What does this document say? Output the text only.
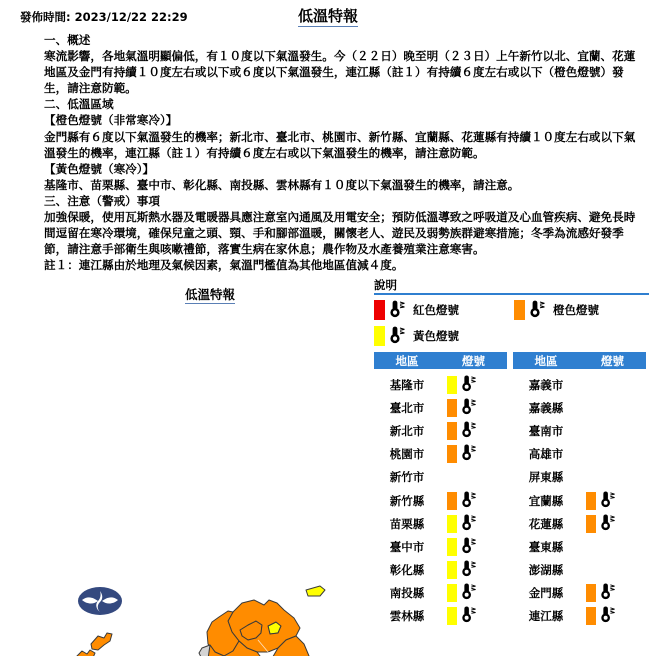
發佈時間: 2023/12/22 22:29	低溫特報

一、概述

寒流影響，各地氣溫明顯偏低，有１０度以下氣溫發生。今（２２日）晚至明（２３日）上午新竹以北、宜蘭、花蓮地區及金門有持續１０度左右或以下或６度以下氣溫發生，連江縣（註１）有持續６度左右或以下（橙色燈號）發生，請注意防範。

二、低溫區域

【橙色燈號（非常寒冷）】

金門縣有６度以下氣溫發生的機率；新北市、臺北市、桃園市、新竹縣、宜蘭縣、花蓮縣有持續１０度左右或以下氣溫發生的機率，連江縣（註１）有持續６度左右或以下氣溫發生的機率，請注意防範。

【黃色燈號（寒冷）】

基隆市、苗栗縣、臺中市、彰化縣、南投縣、雲林縣有１０度以下氣溫發生的機率，請注意。

三、注意（警戒）事項

加強保暖，使用瓦斯熱水器及電暖器具應注意室內通風及用電安全；預防低溫導致之呼吸道及心血管疾病、避免長時間逗留在寒冷環境，確保兒童之頭、頸、手和腳部溫暖，關懷老人、遊民及弱勢族群避寒措施；冬季為流感好發季節，請注意手部衛生與咳嗽禮節，落實生病在家休息；農作物及水產養殖業注意寒害。

註１：連江縣由於地理及氣候因素，氣溫門檻值為其他地區值減４度。

低溫特報
說明
紅色燈號	橙色燈號
黃色燈號
地區	燈號
基隆市
臺北市
新北市
桃園市
新竹市
新竹縣
苗栗縣
臺中市
彰化縣
南投縣
雲林縣
地區	燈號
嘉義市
嘉義縣
臺南市
高雄市
屏東縣
宜蘭縣
花蓮縣
臺東縣
澎湖縣
金門縣
連江縣
